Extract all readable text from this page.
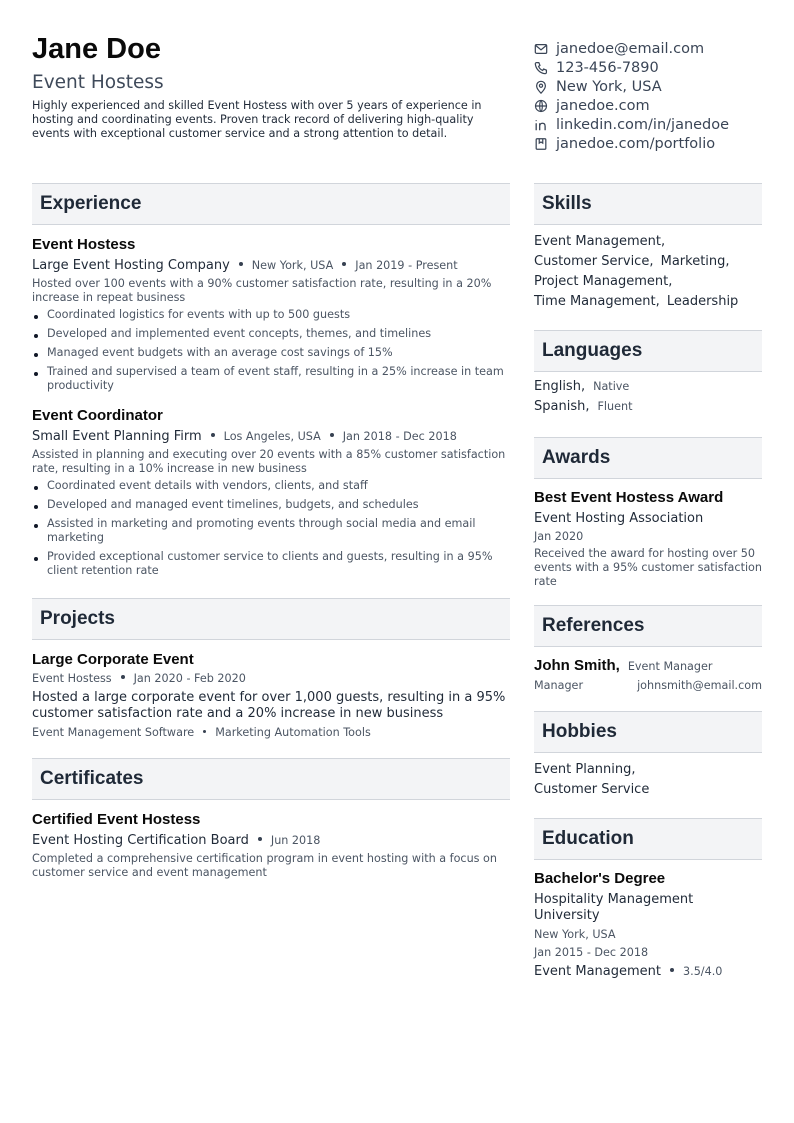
Jane Doe
Event Hostess
Highly experienced and skilled Event Hostess with over 5 years of experience in hosting and coordinating events. Proven track record of delivering high-quality events with exceptional customer service and a strong attention to detail.
janedoe@email.com
123-456-7890
New York, USA
janedoe.com
linkedin.com/in/janedoe
janedoe.com/portfolio
Experience
Event Hostess
Large Event Hosting Company New York, USA Jan 2019 - Present
Hosted over 100 events with a 90% customer satisfaction rate, resulting in a 20% increase in repeat business
Coordinated logistics for events with up to 500 guests
Developed and implemented event concepts, themes, and timelines
Managed event budgets with an average cost savings of 15%
Trained and supervised a team of event staff, resulting in a 25% increase in team productivity
Event Coordinator
Small Event Planning Firm Los Angeles, USA Jan 2018 - Dec 2018
Assisted in planning and executing over 20 events with a 85% customer satisfaction rate, resulting in a 10% increase in new business
Coordinated event details with vendors, clients, and staff
Developed and managed event timelines, budgets, and schedules
Assisted in marketing and promoting events through social media and email marketing
Provided exceptional customer service to clients and guests, resulting in a 95% client retention rate
Projects
Large Corporate Event
Event Hostess Jan 2020 - Feb 2020
Hosted a large corporate event for over 1,000 guests, resulting in a 95% customer satisfaction rate and a 20% increase in new business
Event Management Software Marketing Automation Tools
Certificates
Certified Event Hostess
Event Hosting Certification Board Jun 2018
Completed a comprehensive certification program in event hosting with a focus on customer service and event management
Skills
Event Management,
Customer Service, Marketing,
Project Management,
Time Management, Leadership
Languages
English, Native
Spanish, Fluent
Awards
Best Event Hostess Award
Event Hosting Association
Jan 2020
Received the award for hosting over 50 events with a 95% customer satisfaction rate
References
John Smith, Event Manager
Manager	johnsmith@email.com
Hobbies
Event Planning,
Customer Service
Education
Bachelor's Degree
Hospitality Management University
New York, USA
Jan 2015 - Dec 2018
Event Management 3.5/4.0
